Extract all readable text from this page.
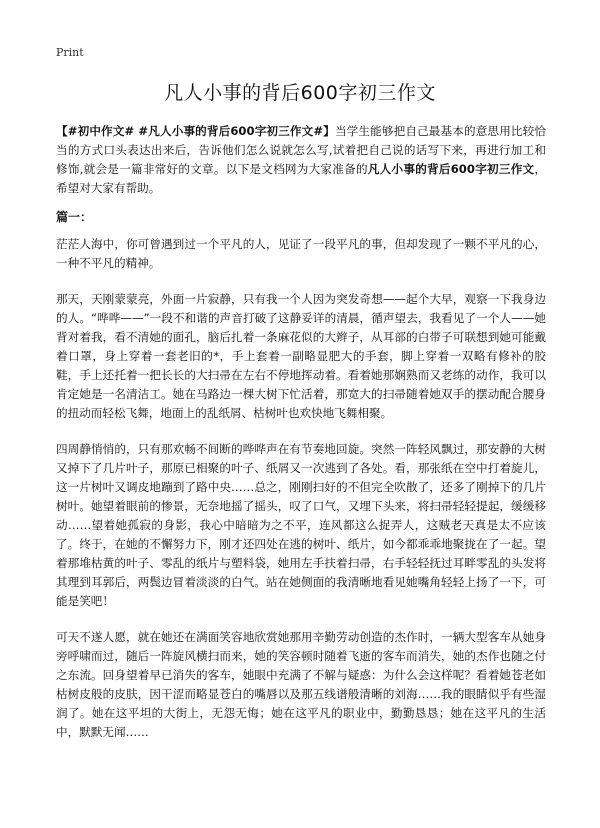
Print
凡人小事的背后600字初三作文

【#初中作文# #凡人小事的背后600字初三作文#】当学生能够把自己最基本的意思用比较恰当的方式口头表达出来后，告诉他们怎么说就怎么写,试着把自己说的话写下来，再进行加工和修饰,就会是一篇非常好的文章。以下是文档网为大家准备的凡人小事的背后600字初三作文，希望对大家有帮助。

篇一：

茫茫人海中，你可曾遇到过一个平凡的人，见证了一段平凡的事，但却发现了一颗不平凡的心，一种不平凡的精神。

那天，天刚蒙蒙亮，外面一片寂静，只有我一个人因为突发奇想——起个大早，观察一下我身边的人。“哗哗——”一段不和谐的声音打破了这静妥详的清晨，循声望去，我看见了一个人——她背对着我，看不清她的面孔，脑后扎着一条麻花似的大辫子，从耳部的白带子可联想到她可能戴着口罩，身上穿着一套老旧的*，手上套着一副略显肥大的手套，脚上穿着一双略有修补的胶鞋，手上还托着一把长长的大扫帚在左右不停地挥动着。看着她那娴熟而又老练的动作，我可以肯定她是一名清洁工。她在马路边一棵大树下忙活着，那宽大的扫帚随着她双手的摆动配合腰身的扭动而轻松飞舞，地面上的乱纸屑、枯树叶也欢快地飞舞相聚。

四周静悄悄的，只有那欢畅不间断的哗哗声在有节奏地回旋。突然一阵轻风飘过，那安静的大树又掉下了几片叶子，那原已相聚的叶子、纸屑又一次逃到了各处。看，那张纸在空中打着旋儿，这一片树叶又调皮地蹦到了路中央……总之，刚刚扫好的不但完全吹散了，还多了刚掉下的几片树叶。她望着眼前的惨景，无奈地摇了摇头，叹了口气，又埋下头来，将扫帚轻轻提起，缓缓移动……望着她孤寂的身影，我心中暗暗为之不平，连风都这么捉弄人，这贼老天真是太不应该了。终于，在她的不懈努力下，刚才还四处在逃的树叶、纸片，如今都乖乖地聚拢在了一起。望着那堆枯黄的叶子、零乱的纸片与塑料袋，她用左手扶着扫帚，右手轻轻抚过耳畔零乱的头发将其理到耳郭后，两鬓边冒着淡淡的白气。站在她侧面的我清晰地看见她嘴角轻轻上扬了一下，可能是笑吧！

可天不遂人愿，就在她还在满面笑容地欣赏她那用辛勤劳动创造的杰作时，一辆大型客车从她身旁呼啸而过，随后一阵旋风横扫而来，她的笑容顿时随着飞逝的客车而消失，她的杰作也随之付之东流。回身望着早已消失的客车，她眼中充满了不解与疑惑：为什么会这样呢？看着她苍老如枯树皮般的皮肤，因干涩而略显苍白的嘴唇以及那五线谱般清晰的刘海……我的眼睛似乎有些湿润了。她在这平坦的大街上，无怨无悔；她在这平凡的职业中，勤勤恳恳；她在这平凡的生活中，默默无闻……
